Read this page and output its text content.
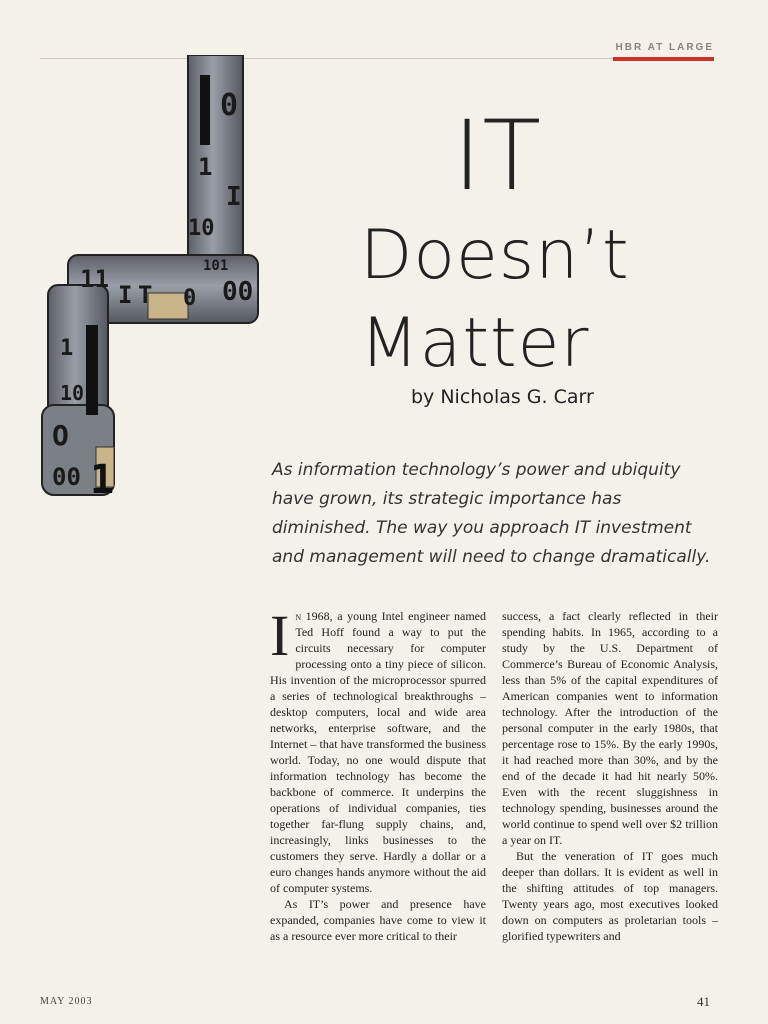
HBR AT LARGE
0
1
10
00
101
11
I T 0
1
00
10
O
I
1
IT
Doesn’t
Matter
by Nicholas G. Carr
As information technology’s power and ubiquity have grown, its strategic importance has diminished. The way you approach IT investment and management will need to change dramatically.

In 1968, a young Intel engineer named Ted Hoff found a way to put the circuits necessary for computer processing onto a tiny piece of silicon. His invention of the microprocessor spurred a series of technological breakthroughs – desktop computers, local and wide area networks, enterprise software, and the Internet – that have transformed the business world. Today, no one would dispute that information technology has become the backbone of commerce. It underpins the operations of individual companies, ties together far-flung supply chains, and, increasingly, links businesses to the customers they serve. Hardly a dollar or a euro changes hands anymore without the aid of computer systems.

As IT’s power and presence have expanded, companies have come to view it as a resource ever more critical to their

success, a fact clearly reflected in their spending habits. In 1965, according to a study by the U.S. Department of Commerce’s Bureau of Economic Analysis, less than 5% of the capital expenditures of American companies went to information technology. After the introduction of the personal computer in the early 1980s, that percentage rose to 15%. By the early 1990s, it had reached more than 30%, and by the end of the decade it had hit nearly 50%. Even with the recent sluggishness in technology spending, businesses around the world continue to spend well over $2 trillion a year on IT.

But the veneration of IT goes much deeper than dollars. It is evident as well in the shifting attitudes of top managers. Twenty years ago, most executives looked down on computers as proletarian tools – glorified typewriters and

MAY 2003	41
